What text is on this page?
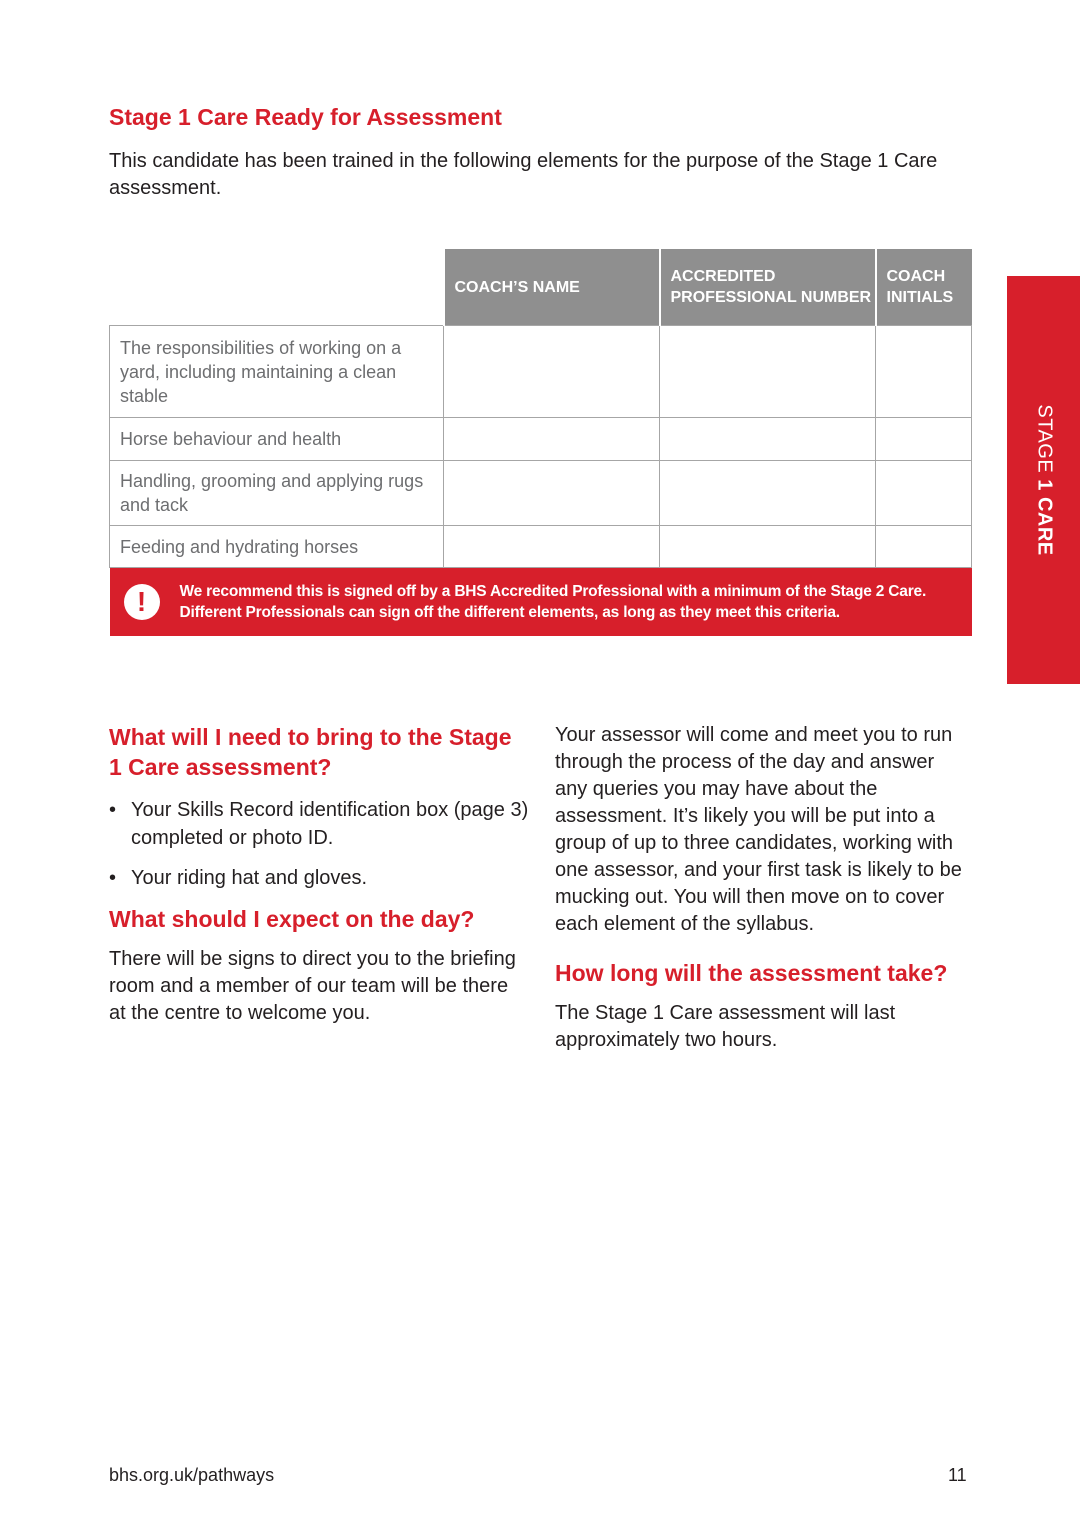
Stage 1 Care Ready for Assessment

This candidate has been trained in the following elements for the purpose of the Stage 1 Care assessment.

	COACH’S NAME	ACCREDITED PROFESSIONAL NUMBER	COACH INITIALS
The responsibilities of working on a yard, including maintaining a clean stable			
Horse behaviour and health			
Handling, grooming and applying rugs and tack			
Feeding and hydrating horses			

! We recommend this is signed off by a BHS Accredited Professional with a minimum of the Stage 2 Care. Different Professionals can sign off the different elements, as long as they meet this criteria.			
STAGE 1 CARE
What will I need to bring to the Stage 1 Care assessment?
• Your Skills Record identification box (page 3) completed or photo ID.
• Your riding hat and gloves.
What should I expect on the day?

There will be signs to direct you to the briefing room and a member of our team will be there at the centre to welcome you.

Your assessor will come and meet you to run through the process of the day and answer any queries you may have about the assessment. It’s likely you will be put into a group of up to three candidates, working with one assessor, and your first task is likely to be mucking out. You will then move on to cover each element of the syllabus.

How long will the assessment take?

The Stage 1 Care assessment will last approximately two hours.

bhs.org.uk/pathways	11
